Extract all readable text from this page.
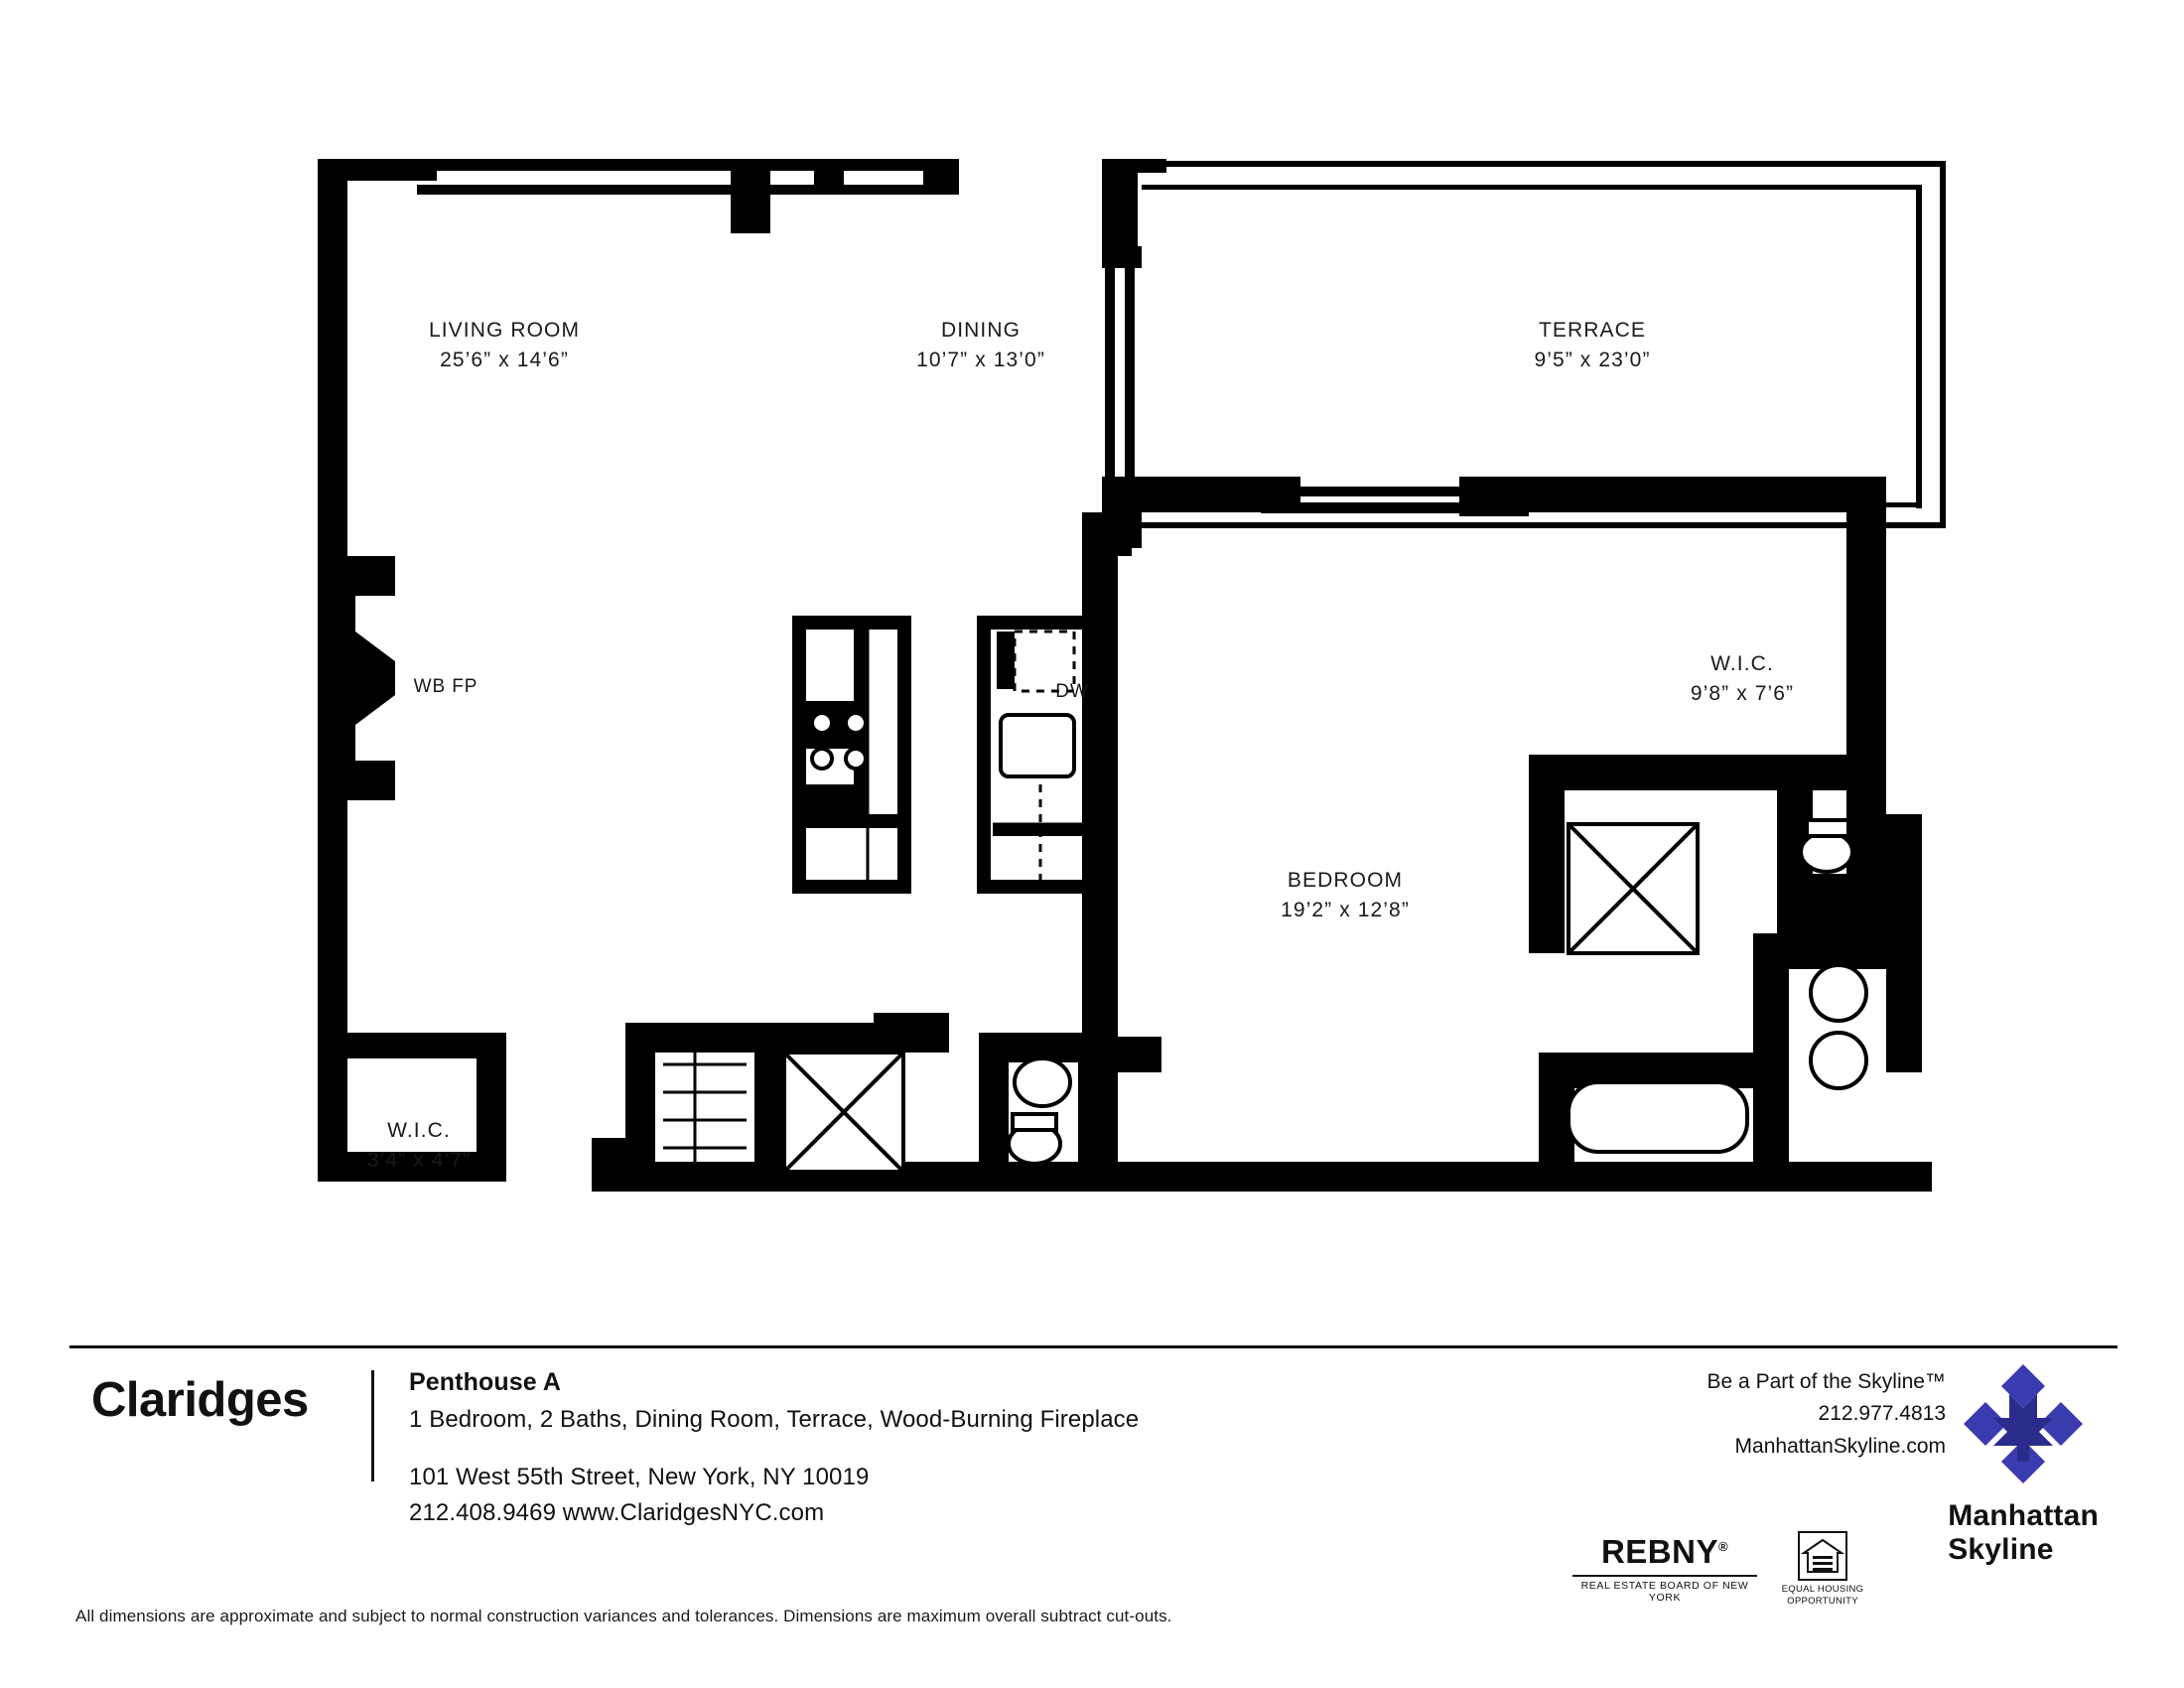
LIVING ROOM
25’6” x 14’6”
DINING
10’7” x 13’0”
TERRACE
9’5” x 23’0”
W.I.C.
9’8” x 7’6”
BEDROOM
19’2” x 12’8”
W.I.C.
3’4” x 4’7”
WB FP	DW
Claridges	Penthouse A
1 Bedroom, 2 Baths, Dining Room, Terrace, Wood-Burning Fireplace
101 West 55th Street, New York, NY 10019
212.408.9469 www.ClaridgesNYC.com
All dimensions are approximate and subject to normal construction variances and tolerances. Dimensions are maximum overall subtract cut-outs.
Be a Part of the Skyline™
212.977.4813
ManhattanSkyline.com
Manhattan
Skyline
REBNY®
REAL ESTATE BOARD OF NEW YORK
EQUAL HOUSING
OPPORTUNITY
